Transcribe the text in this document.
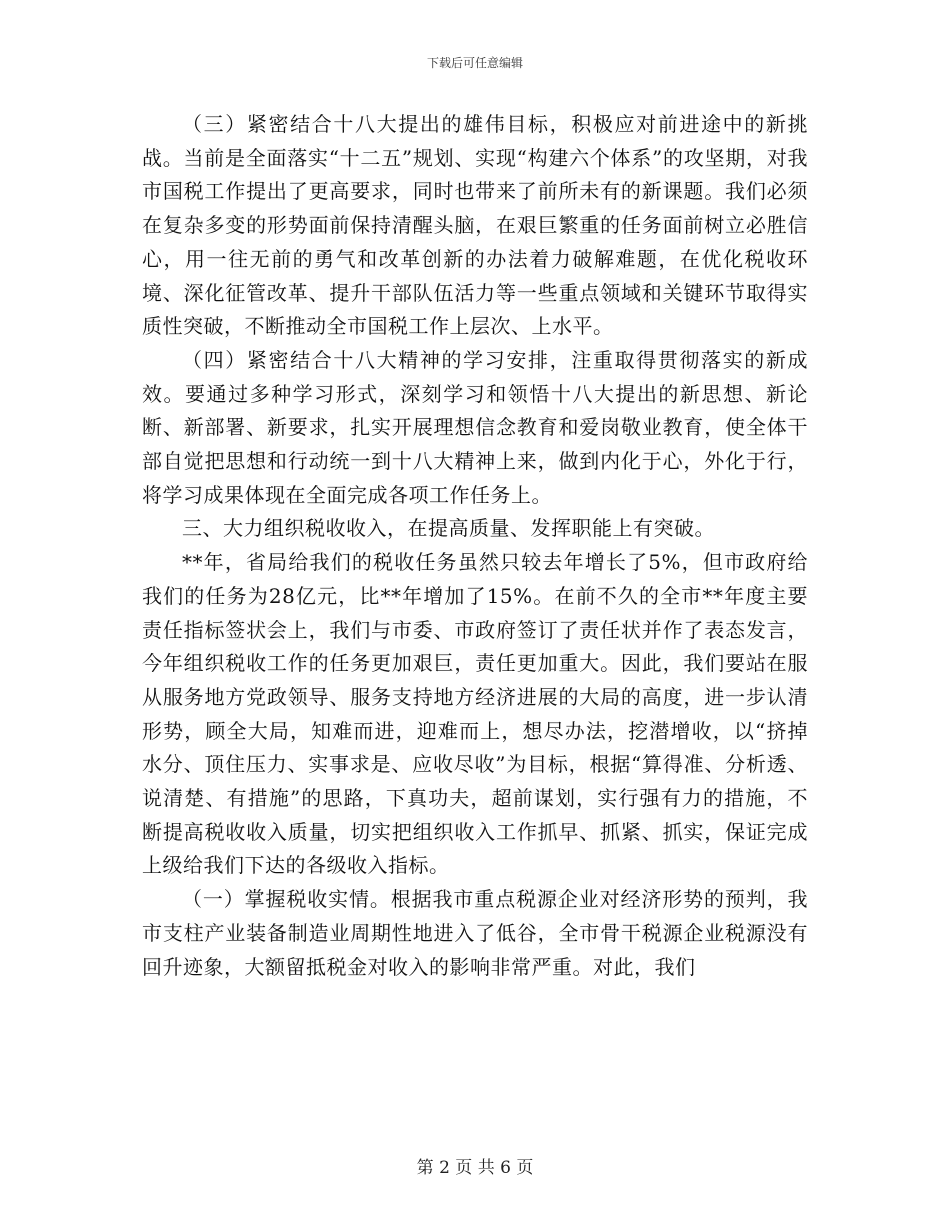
下载后可任意编辑

（三）紧密结合十八大提出的雄伟目标，积极应对前进途中的新挑战。当前是全面落实“十二五”规划、实现“构建六个体系”的攻坚期，对我市国税工作提出了更高要求，同时也带来了前所未有的新课题。我们必须在复杂多变的形势面前保持清醒头脑，在艰巨繁重的任务面前树立必胜信心，用一往无前的勇气和改革创新的办法着力破解难题，在优化税收环境、深化征管改革、提升干部队伍活力等一些重点领域和关键环节取得实质性突破，不断推动全市国税工作上层次、上水平。

（四）紧密结合十八大精神的学习安排，注重取得贯彻落实的新成效。要通过多种学习形式，深刻学习和领悟十八大提出的新思想、新论断、新部署、新要求，扎实开展理想信念教育和爱岗敬业教育，使全体干部自觉把思想和行动统一到十八大精神上来，做到内化于心，外化于行，将学习成果体现在全面完成各项工作任务上。

三、大力组织税收收入，在提高质量、发挥职能上有突破。

**年，省局给我们的税收任务虽然只较去年增长了5%，但市政府给我们的任务为28亿元，比**年增加了15%。在前不久的全市**年度主要责任指标签状会上，我们与市委、市政府签订了责任状并作了表态发言，今年组织税收工作的任务更加艰巨，责任更加重大。因此，我们要站在服从服务地方党政领导、服务支持地方经济进展的大局的高度，进一步认清形势，顾全大局，知难而进，迎难而上，想尽办法，挖潜增收，以“挤掉水分、顶住压力、实事求是、应收尽收”为目标，根据“算得准、分析透、说清楚、有措施”的思路，下真功夫，超前谋划，实行强有力的措施，不断提高税收收入质量，切实把组织收入工作抓早、抓紧、抓实，保证完成上级给我们下达的各级收入指标。

（一）掌握税收实情。根据我市重点税源企业对经济形势的预判，我市支柱产业装备制造业周期性地进入了低谷，全市骨干税源企业税源没有回升迹象，大额留抵税金对收入的影响非常严重。对此，我们

第 2 页 共 6 页
